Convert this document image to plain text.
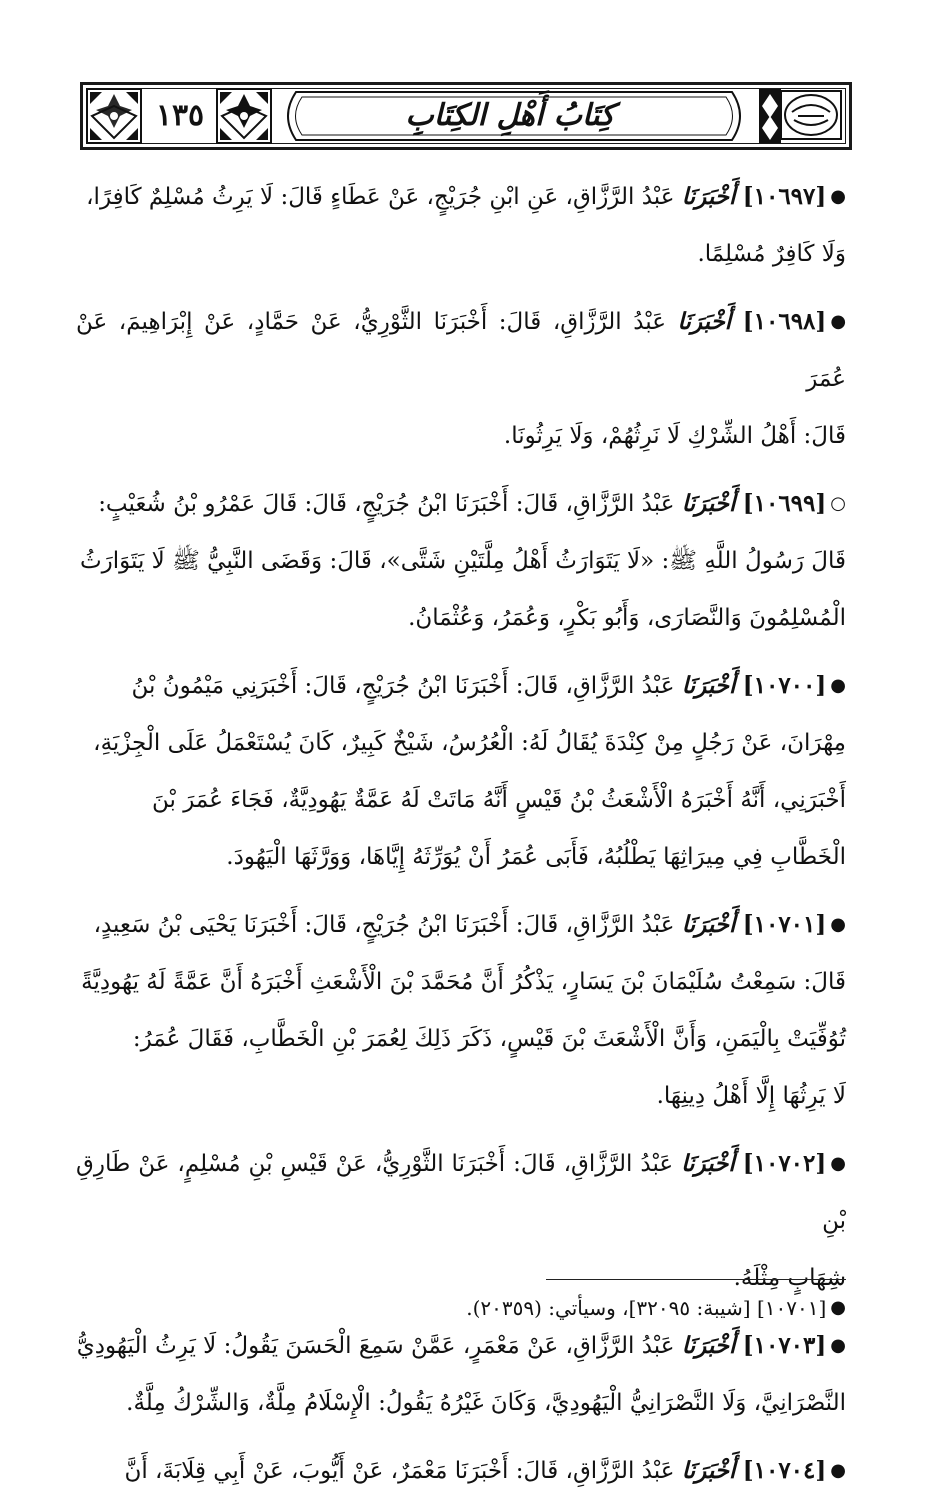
١٣٥	كِتَابُ أَهْلِ الكِتَابِ

●[١٠٦٩٧] أَخْبَرَنَا عَبْدُ الرَّزَّاقِ، عَنِ ابْنِ جُرَيْجٍ، عَنْ عَطَاءٍ قَالَ: لَا يَرِثُ مُسْلِمٌ كَافِرًا،

وَلَا كَافِرٌ مُسْلِمًا.

●[١٠٦٩٨] أَخْبَرَنَا عَبْدُ الرَّزَّاقِ، قَالَ: أَخْبَرَنَا الثَّوْرِيُّ، عَنْ حَمَّادٍ، عَنْ إِبْرَاهِيمَ، عَنْ عُمَرَ

قَالَ: أَهْلُ الشِّرْكِ لَا نَرِثُهُمْ، وَلَا يَرِثُونَا.

○[١٠٦٩٩] أَخْبَرَنَا عَبْدُ الرَّزَّاقِ، قَالَ: أَخْبَرَنَا ابْنُ جُرَيْجٍ، قَالَ: قَالَ عَمْرُو بْنُ شُعَيْبٍ:

قَالَ رَسُولُ اللَّهِ ﷺ: «لَا يَتَوَارَثُ أَهْلُ مِلَّتَيْنِ شَتَّى»، قَالَ: وَقَضَى النَّبِيُّ ﷺ لَا يَتَوَارَثُ

الْمُسْلِمُونَ وَالنَّصَارَى، وَأَبُو بَكْرٍ، وَعُمَرُ، وَعُثْمَانُ.

●[١٠٧٠٠] أَخْبَرَنَا عَبْدُ الرَّزَّاقِ، قَالَ: أَخْبَرَنَا ابْنُ جُرَيْجٍ، قَالَ: أَخْبَرَنِي مَيْمُونُ بْنُ

مِهْرَانَ، عَنْ رَجُلٍ مِنْ كِنْدَةَ يُقَالُ لَهُ: الْعُرُسُ، شَيْخٌ كَبِيرٌ، كَانَ يُسْتَعْمَلُ عَلَى الْجِزْيَةِ،

أَخْبَرَنِي، أَنَّهُ أَخْبَرَهُ الْأَشْعَثُ بْنُ قَيْسٍ أَنَّهُ مَاتَتْ لَهُ عَمَّةٌ يَهُودِيَّةٌ، فَجَاءَ عُمَرَ بْنَ

الْخَطَّابِ فِي مِيرَاثِهَا يَطْلُبُهُ، فَأَبَى عُمَرُ أَنْ يُوَرِّثَهُ إِيَّاهَا، وَوَرَّثَهَا الْيَهُودَ.

●[١٠٧٠١] أَخْبَرَنَا عَبْدُ الرَّزَّاقِ، قَالَ: أَخْبَرَنَا ابْنُ جُرَيْجٍ، قَالَ: أَخْبَرَنَا يَحْيَى بْنُ سَعِيدٍ،

قَالَ: سَمِعْتُ سُلَيْمَانَ بْنَ يَسَارٍ، يَذْكُرُ أَنَّ مُحَمَّدَ بْنَ الْأَشْعَثِ أَخْبَرَهُ أَنَّ عَمَّةً لَهُ يَهُودِيَّةً

تُوُفِّيَتْ بِالْيَمَنِ، وَأَنَّ الْأَشْعَثَ بْنَ قَيْسٍ، ذَكَرَ ذَلِكَ لِعُمَرَ بْنِ الْخَطَّابِ، فَقَالَ عُمَرُ:

لَا يَرِثُهَا إِلَّا أَهْلُ دِينِهَا.

●[١٠٧٠٢] أَخْبَرَنَا عَبْدُ الرَّزَّاقِ، قَالَ: أَخْبَرَنَا الثَّوْرِيُّ، عَنْ قَيْسِ بْنِ مُسْلِمٍ، عَنْ طَارِقِ بْنِ

شِهَابٍ مِثْلَهُ.

●[١٠٧٠٣] أَخْبَرَنَا عَبْدُ الرَّزَّاقِ، عَنْ مَعْمَرٍ، عَمَّنْ سَمِعَ الْحَسَنَ يَقُولُ: لَا يَرِثُ الْيَهُودِيُّ

النَّصْرَانِيَّ، وَلَا النَّصْرَانِيُّ الْيَهُودِيَّ، وَكَانَ غَيْرُهُ يَقُولُ: الْإِسْلَامُ مِلَّةٌ، وَالشِّرْكُ مِلَّةٌ.

●[١٠٧٠٤] أَخْبَرَنَا عَبْدُ الرَّزَّاقِ، قَالَ: أَخْبَرَنَا مَعْمَرٌ، عَنْ أَيُّوبَ، عَنْ أَبِي قِلَابَةَ، أَنَّ

●[١٠٧٠١] [شيبة: ٣٢٠٩٥]، وسيأتي: (٢٠٣٥٩).
